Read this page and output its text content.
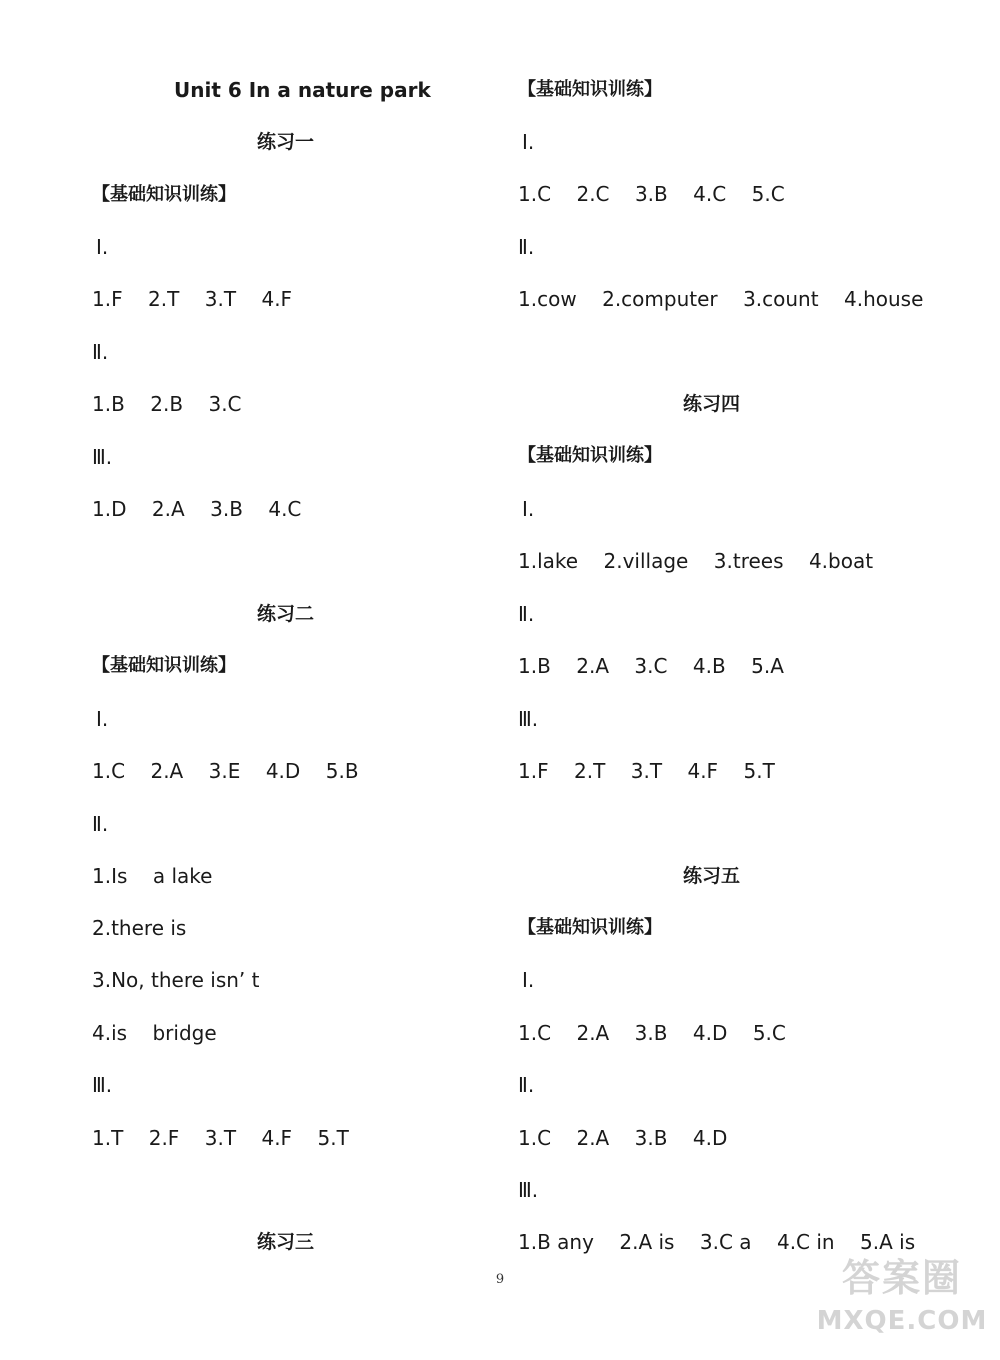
Unit 6 In a nature park
练习一
【基础知识训练】
Ⅰ.
1.F    2.T    3.T    4.F
Ⅱ.
1.B    2.B    3.C
Ⅲ.
1.D    2.A    3.B    4.C
练习二
【基础知识训练】
Ⅰ.
1.C    2.A    3.E    4.D    5.B
Ⅱ.
1.Is    a lake
2.there is
3.No, there isn’ t
4.is    bridge
Ⅲ.
1.T    2.F    3.T    4.F    5.T
练习三
【基础知识训练】
Ⅰ.
1.C    2.C    3.B    4.C    5.C
Ⅱ.
1.cow    2.computer    3.count    4.house
练习四
【基础知识训练】
Ⅰ.
1.lake    2.village    3.trees    4.boat
Ⅱ.
1.B    2.A    3.C    4.B    5.A
Ⅲ.
1.F    2.T    3.T    4.F    5.T
练习五
【基础知识训练】
Ⅰ.
1.C    2.A    3.B    4.D    5.C
Ⅱ.
1.C    2.A    3.B    4.D
Ⅲ.
1.B any    2.A is    3.C a    4.C in    5.A is
9	答案圈
MXQE.COM
